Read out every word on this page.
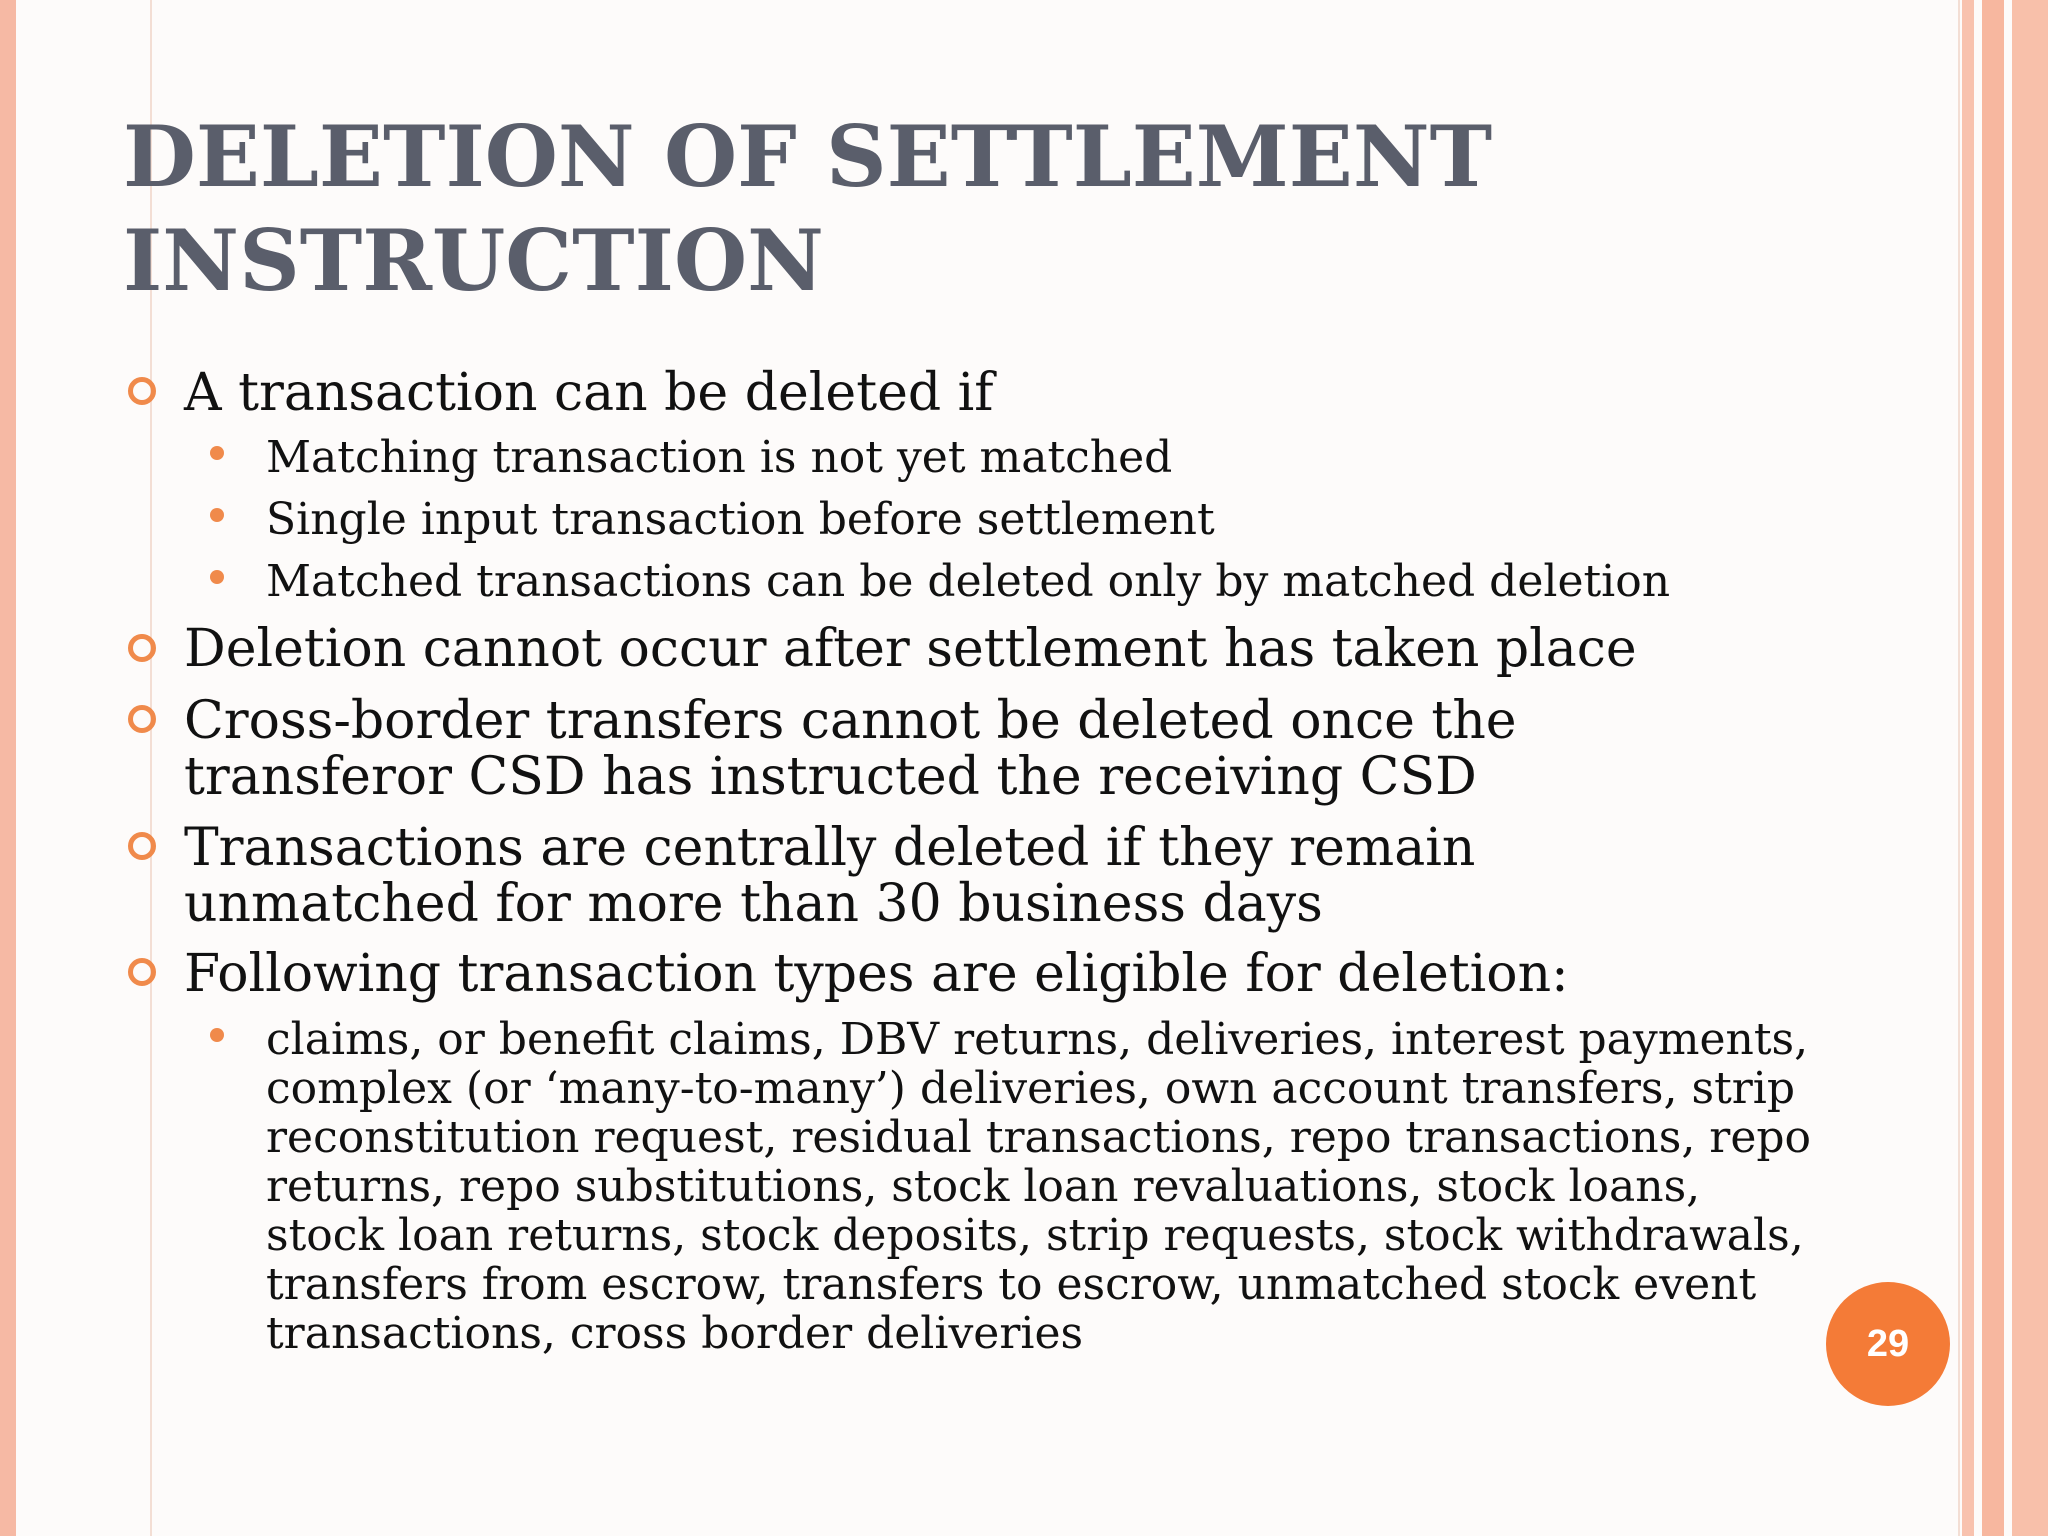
DELETION OF SETTLEMENT INSTRUCTION
A transaction can be deleted if
Matching transaction is not yet matched
Single input transaction before settlement
Matched transactions can be deleted only by matched deletion
Deletion cannot occur after settlement has taken place
Cross-border transfers cannot be deleted once the transferor CSD has instructed the receiving CSD
Transactions are centrally deleted if they remain unmatched for more than 30 business days
Following transaction types are eligible for deletion:
claims, or benefit claims, DBV returns, deliveries, interest payments, complex (or ‘many-to-many’) deliveries, own account transfers, strip reconstitution request, residual transactions, repo transactions, repo returns, repo substitutions, stock loan revaluations, stock loans, stock loan returns, stock deposits, strip requests, stock withdrawals, transfers from escrow, transfers to escrow, unmatched stock event transactions, cross border deliveries	29
